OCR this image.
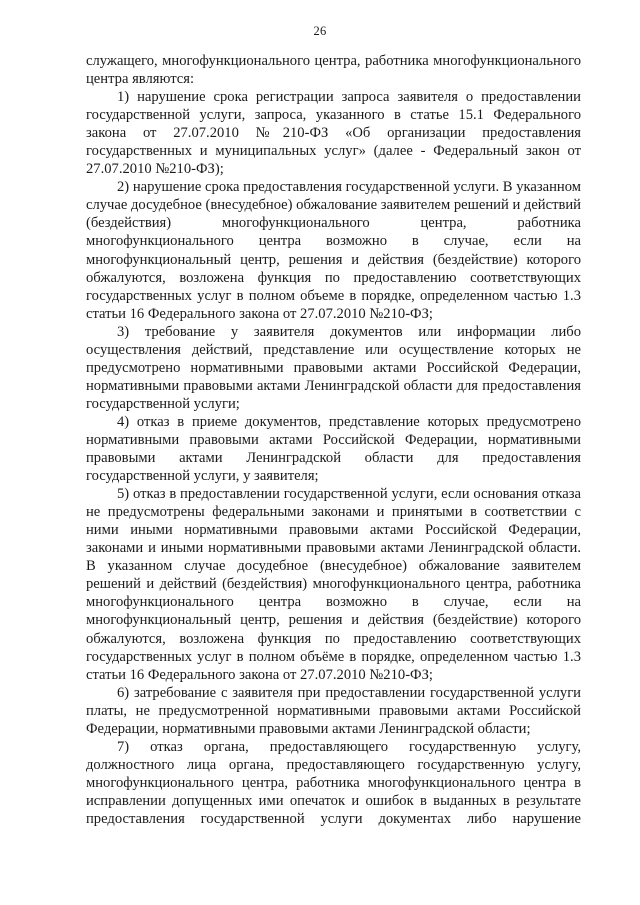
26

служащего, многофункционального центра, работника многофункционального центра являются:

1) нарушение срока регистрации запроса заявителя о предоставлении государственной услуги, запроса, указанного в статье 15.1 Федерального закона от 27.07.2010 №210-ФЗ «Об организации предоставления государственных и муниципальных услуг» (далее - Федеральный закон от 27.07.2010 №210-ФЗ);

2) нарушение срока предоставления государственной услуги. В указанном случае досудебное (внесудебное) обжалование заявителем решений и действий (бездействия) многофункционального центра, работника многофункционального центра возможно в случае, если на многофункциональный центр, решения и действия (бездействие) которого обжалуются, возложена функция по предоставлению соответствующих государственных услуг в полном объеме в порядке, определенном частью 1.3 статьи 16 Федерального закона от 27.07.2010 №210-ФЗ;

3) требование у заявителя документов или информации либо осуществления действий, представление или осуществление которых не предусмотрено нормативными правовыми актами Российской Федерации, нормативными правовыми актами Ленинградской области для предоставления государственной услуги;

4) отказ в приеме документов, представление которых предусмотрено нормативными правовыми актами Российской Федерации, нормативными правовыми актами Ленинградской области для предоставления государственной услуги, у заявителя;

5) отказ в предоставлении государственной услуги, если основания отказа не предусмотрены федеральными законами и принятыми в соответствии с ними иными нормативными правовыми актами Российской Федерации, законами и иными нормативными правовыми актами Ленинградской области. В указанном случае досудебное (внесудебное) обжалование заявителем решений и действий (бездействия) многофункционального центра, работника многофункционального центра возможно в случае, если на многофункциональный центр, решения и действия (бездействие) которого обжалуются, возложена функция по предоставлению соответствующих государственных услуг в полном объёме в порядке, определенном частью 1.3 статьи 16 Федерального закона от 27.07.2010 №210-ФЗ;

6) затребование с заявителя при предоставлении государственной услуги платы, не предусмотренной нормативными правовыми актами Российской Федерации, нормативными правовыми актами Ленинградской области;

7) отказ органа, предоставляющего государственную услугу, должностного лица органа, предоставляющего государственную услугу, многофункционального центра, работника многофункционального центра в исправлении допущенных ими опечаток и ошибок в выданных в результате предоставления государственной услуги документах либо нарушение
